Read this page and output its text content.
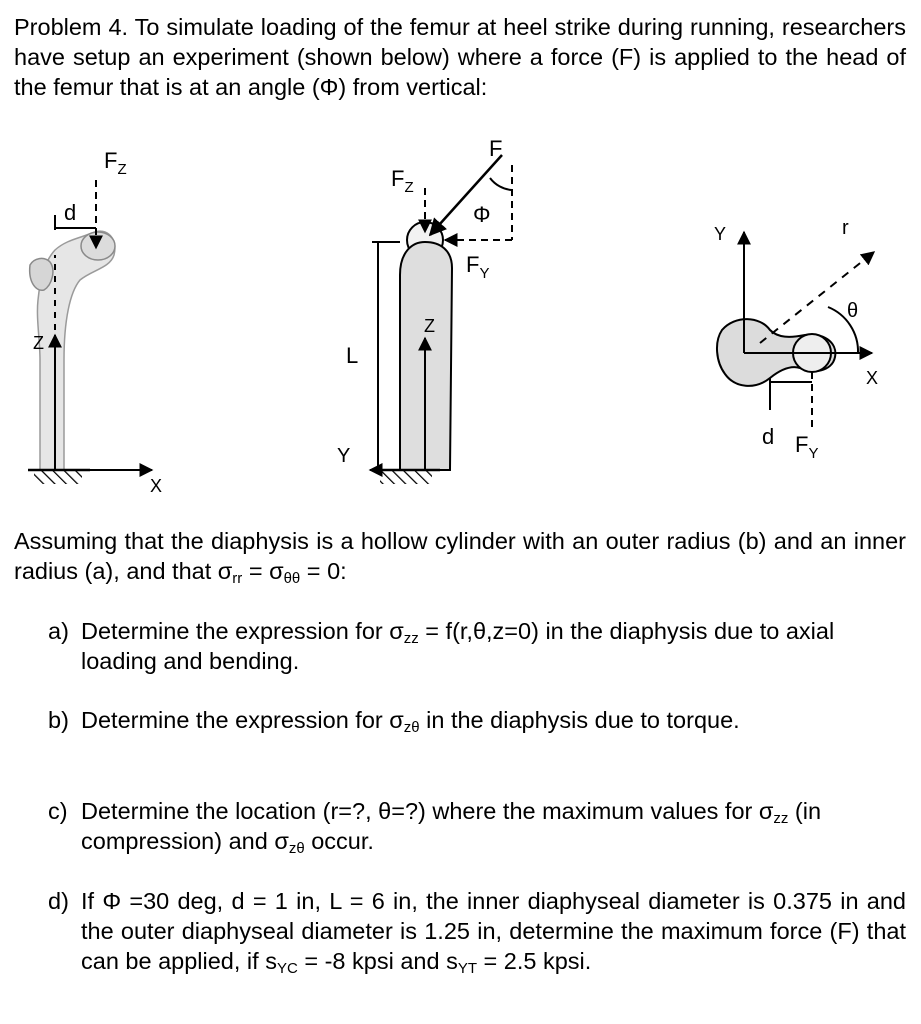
Problem 4. To simulate loading of the femur at heel strike during running, researchers have setup an experiment (shown below) where a force (F) is applied to the head of the femur that is at an angle (Φ) from vertical:
$F_Z$
d
Z
X
F
Φ
$F_Z$
$F_Y$
Z
L
Y
Y	r
θ
X
d $F_Y$
Assuming that the diaphysis is a hollow cylinder with an outer radius (b) and an inner radius (a), and that $\sigma_{rr} = \sigma_{\theta\theta} = 0$:
a) Determine the expression for $\sigma_{zz} = f(r,\theta,z=0)$ in the diaphysis due to axial loading and bending.
b) Determine the expression for $\sigma_{z\theta}$ in the diaphysis due to torque.
c) Determine the location (r=?, θ=?) where the maximum values for $\sigma_{zz}$ (in compression) and $\sigma_{z\theta}$ occur.
d) If Φ =30 deg, d = 1 in, L = 6 in, the inner diaphyseal diameter is 0.375 in and the outer diaphyseal diameter is 1.25 in, determine the maximum force (F) that can be applied, if $s_{YC} = -8$ kpsi and $s_{YT} = 2.5$ kpsi.
